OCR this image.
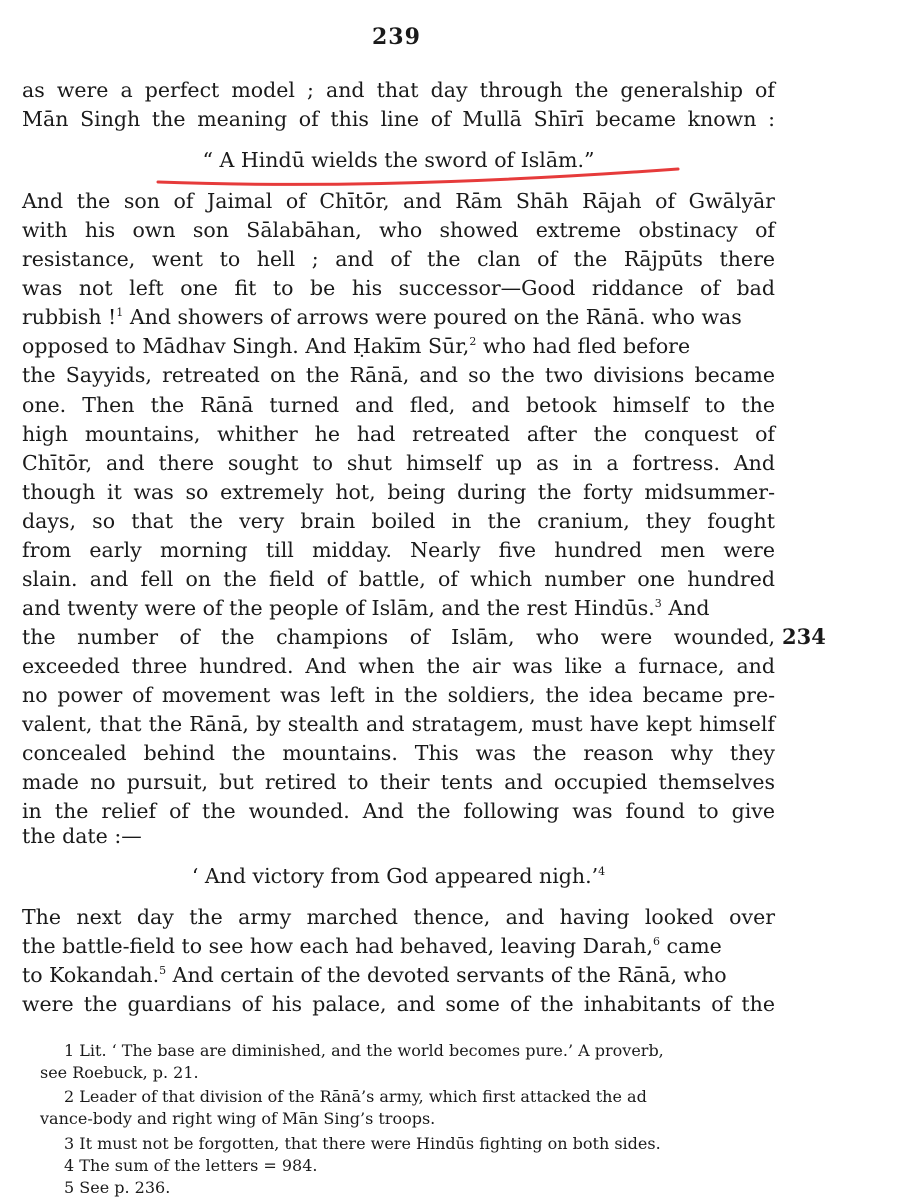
239
as were a perfect model ; and that day through the generalship of
Mān Singh the meaning of this line of Mullā Shīrī became known :
“ A Hindū wields the sword of Islām.”
And the son of Jaimal of Chītōr, and Rām Shāh Rājah of Gwālyār
with his own son Sālabāhan, who showed extreme obstinacy of
resistance, went to hell ; and of the clan of the Rājpūts there
was not left one fit to be his successor—Good riddance of bad
rubbish !$^1$ And showers of arrows were poured on the Rānā. who was
opposed to Mādhav Singh. And Ḥakīm Sūr,$^2$ who had fled before
the Sayyids, retreated on the Rānā, and so the two divisions became
one. Then the Rānā turned and fled, and betook himself to the
high mountains, whither he had retreated after the conquest of
Chītōr, and there sought to shut himself up as in a fortress. And
though it was so extremely hot, being during the forty midsummer-
days, so that the very brain boiled in the cranium, they fought
from early morning till midday. Nearly five hundred men were
slain. and fell on the field of battle, of which number one hundred
and twenty were of the people of Islām, and the rest Hindūs.$^3$ And
the number of the champions of Islām, who were wounded, 234
exceeded three hundred. And when the air was like a furnace, and
no power of movement was left in the soldiers, the idea became pre-
valent, that the Rānā, by stealth and stratagem, must have kept himself
concealed behind the mountains. This was the reason why they
made no pursuit, but retired to their tents and occupied themselves
in the relief of the wounded. And the following was found to give
the date :—
‘ And victory from God appeared nigh.’$^4$
The next day the army marched thence, and having looked over
the battle-field to see how each had behaved, leaving Darah,$^6$ came
to Kokandah.$^5$ And certain of the devoted servants of the Rānā, who
were the guardians of his palace, and some of the inhabitants of the
1 Lit. ‘ The base are diminished, and the world becomes pure.’ A proverb,
see Roebuck, p. 21.
2 Leader of that division of the Rānā’s army, which first attacked the ad
vance-body and right wing of Mān Sing’s troops.
3 It must not be forgotten, that there were Hindūs fighting on both sides.
4 The sum of the letters = 984.
5 See p. 236.
